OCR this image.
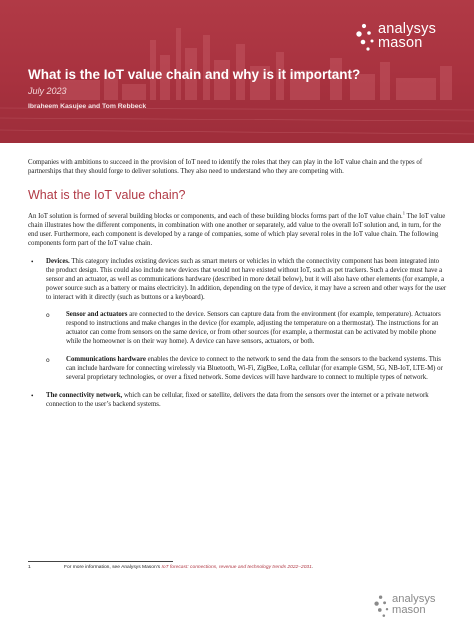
analysys
mason
What is the IoT value chain and why is it important?
July 2023
Ibraheem Kasujee and Tom Rebbeck

Companies with ambitions to succeed in the provision of IoT need to identify the roles that they can play in the IoT value chain and the types of partnerships that they should forge to deliver solutions. They also need to understand who they are competing with.

What is the IoT value chain?

An IoT solution is formed of several building blocks or components, and each of these building blocks forms part of the IoT value chain.$^1$ The IoT value chain illustrates how the different components, in combination with one another or separately, add value to the overall IoT solution and, in turn, for the end user. Furthermore, each component is developed by a range of companies, some of which play several roles in the IoT value chain. The following components form part of the IoT value chain.

• Devices. This category includes existing devices such as smart meters or vehicles in which the connectivity component has been integrated into the product design. This could also include new devices that would not have existed without IoT, such as pet trackers. Such a device must have a sensor and an actuator, as well as communications hardware (described in more detail below), but it will also have other elements (for example, a power source such as a battery or mains electricity). In addition, depending on the type of device, it may have a screen and other ways for the user to interact with it directly (such as buttons or a keyboard).

o Sensor and actuators are connected to the device. Sensors can capture data from the environment (for example, temperature). Actuators respond to instructions and make changes in the device (for example, adjusting the temperature on a thermostat). The instructions for an actuator can come from sensors on the same device, or from other sources (for example, a thermostat can be activated by mobile phone while the homeowner is on their way home). A device can have sensors, actuators, or both.

o Communications hardware enables the device to connect to the network to send the data from the sensors to the backend systems. This can include hardware for connecting wirelessly via Bluetooth, Wi-Fi, ZigBee, LoRa, cellular (for example GSM, 5G, NB-IoT, LTE-M) or several proprietary technologies, or over a fixed network. Some devices will have hardware to connect to multiple types of network.

• The connectivity network, which can be cellular, fixed or satellite, delivers the data from the sensors over the internet or a private network connection to the user’s backend systems.

1	For more information, see Analysys Mason’s IoT forecast: connections, revenue and technology trends 2022–2031.
analysys
mason
